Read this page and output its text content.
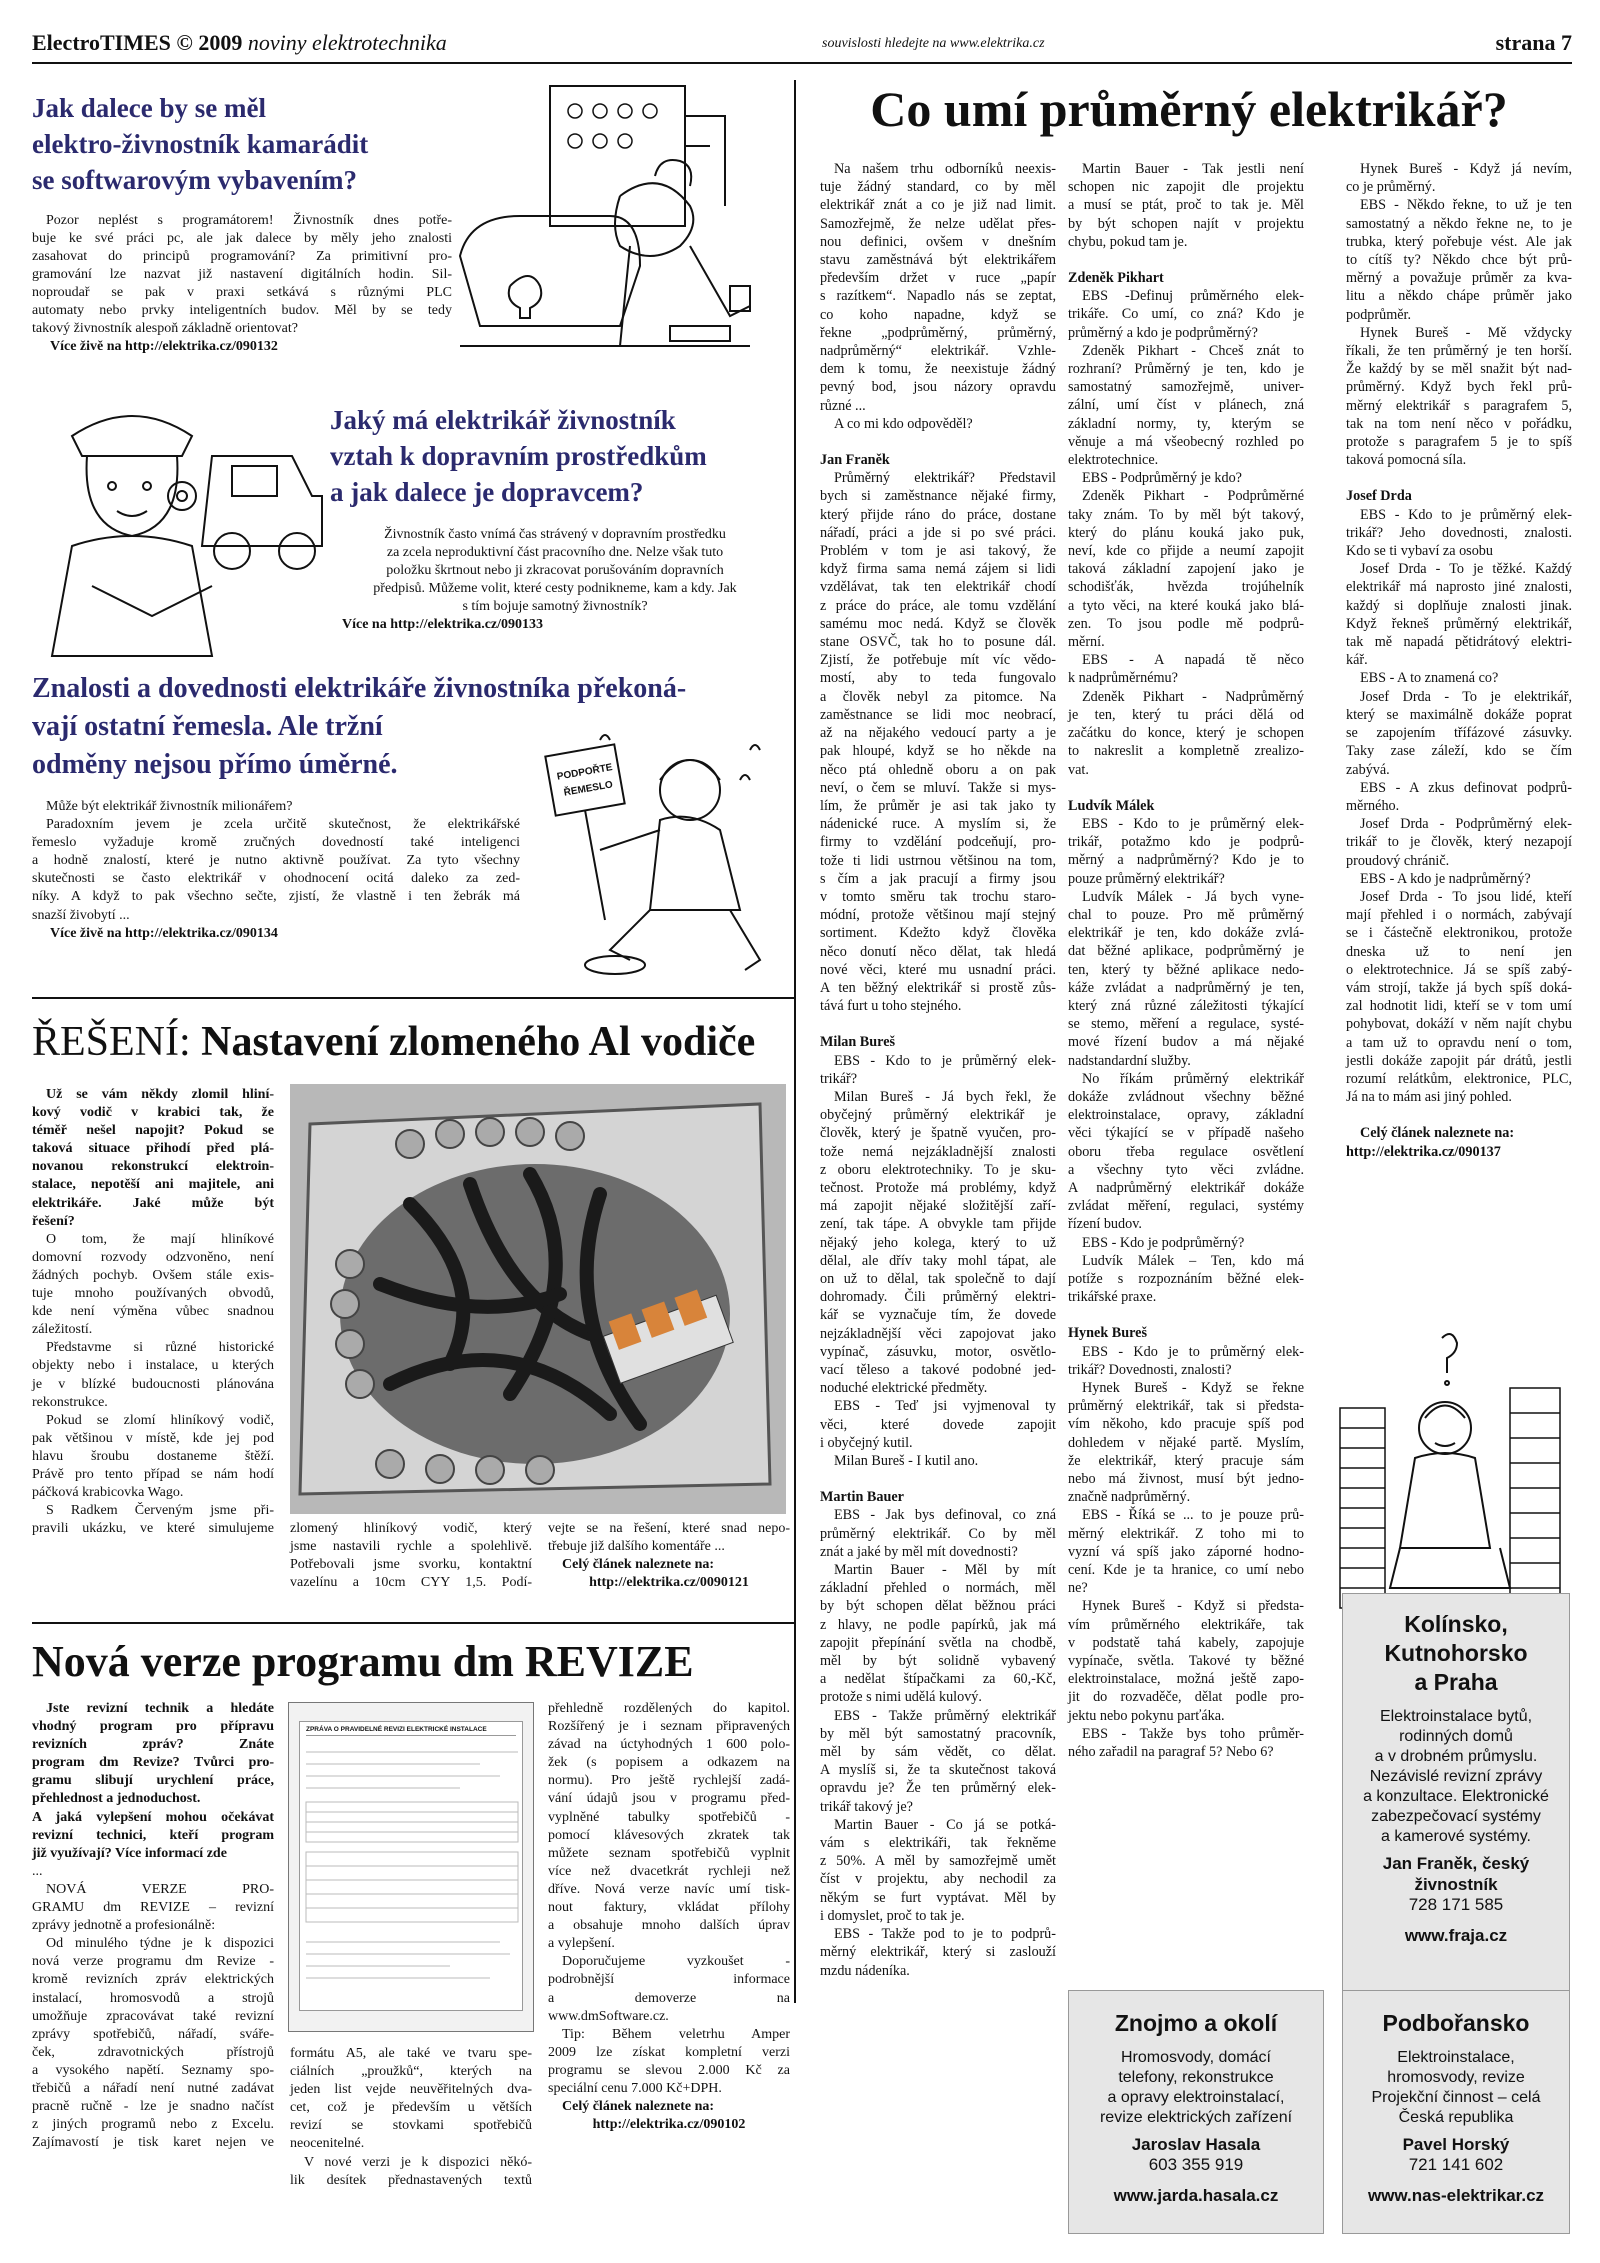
ElectroTIMES © 2009 noviny elektrotechnika	souvislosti hledejte na www.elektrika.cz	strana 7
Jak dalece by se měl
elektro-živnostník kamarádit
se softwarovým vybavením?
Pozor neplést s programátorem! Živnostník dnes potře-
buje ke své práci pc, ale jak dalece by měly jeho znalosti
zasahovat do principů programování? Za primitivní pro-
gramování lze nazvat již nastavení digitálních hodin. Sil-
noproudař se pak v praxi setkává s různými PLC
automaty nebo prvky inteligentních budov. Měl by se tedy
takový živnostník alespoň základně orientovat?
Více živě na http://elektrika.cz/090132
Jaký má elektrikář živnostník
vztah k dopravním prostředkům
a jak dalece je dopravcem?
Živnostník často vnímá čas strávený v dopravním prostředku
za zcela neproduktivní část pracovního dne. Nelze však tuto
položku škrtnout nebo ji zkracovat porušováním dopravních
předpisů. Můžeme volit, které cesty podnikneme, kam a kdy. Jak
s tím bojuje samotný živnostník?
Více na http://elektrika.cz/090133
Znalosti a dovednosti elektrikáře živnostníka překoná-
vají ostatní řemesla. Ale tržní
odměny nejsou přímo úměrné.
Může být elektrikář živnostník milionářem?
Paradoxním jevem je zcela určitě skutečnost, že elektrikářské
řemeslo vyžaduje kromě zručných dovedností také inteligenci
a hodně znalostí, které je nutno aktivně používat. Za tyto všechny
skutečnosti se často elektrikář v ohodnocení ocitá daleko za zed-
níky. A když to pak všechno sečte, zjistí, že vlastně i ten žebrák má
snazší živobytí ...
Více živě na http://elektrika.cz/090134
PODPOŘTE
ŘEMESLO
ŘEŠENÍ: Nastavení zlomeného Al vodiče
Už se vám někdy zlomil hliní-
kový vodič v krabici tak, že
téměř nešel napojit? Pokud se
taková situace přihodí před plá-
novanou rekonstrukcí elektroin-
stalace, nepotěší ani majitele, ani
elektrikáře. Jaké může být
řešení?
O tom, že mají hliníkové
domovní rozvody odzvoněno, není
žádných pochyb. Ovšem stále exis-
tuje mnoho používaných obvodů,
kde není výměna vůbec snadnou
záležitostí.
Představme si různé historické
objekty nebo i instalace, u kterých
je v blízké budoucnosti plánována
rekonstrukce.
Pokud se zlomí hliníkový vodič,
pak většinou v místě, kde jej pod
hlavu šroubu dostaneme štěží.
Právě pro tento případ se nám hodí
páčková krabicovka Wago.
S Radkem Červeným jsme při-
pravili ukázku, ve které simulujeme zlomený hliníkový vodič, který
jsme nastavili rychle a spolehlivě.
Potřebovali jsme svorku, kontaktní
vazelínu a 10cm CYY 1,5. Podí-
vejte se na řešení, které snad nepo-
třebuje již dalšího komentáře ...
Celý článek naleznete na:
http://elektrika.cz/0090121
Nová verze programu dm REVIZE
Jste revizní technik a hledáte
vhodný program pro přípravu
revizních zpráv? Znáte
program dm Revize? Tvůrci pro-
gramu slibují urychlení práce,
přehlednost a jednoduchost.
A jaká vylepšení mohou očekávat
revizní technici, kteří program
již využívají? Více informací zde
...
NOVÁ VERZE PRO-
GRAMU dm REVIZE – revizní
zprávy jednotně a profesionálně:
Od minulého týdne je k dispozici
nová verze programu dm Revize -
kromě revizních zpráv elektrických
instalací, hromosvodů a strojů
umožňuje zpracovávat také revizní
zprávy spotřebičů, nářadí, sváře-
ček, zdravotnických přístrojů
a vysokého napětí. Seznamy spo-
třebičů a nářadí není nutné zadávat
pracně ručně - lze je snadno načíst
z jiných programů nebo z Excelu.
Zajímavostí je tisk karet nejen ve
ZPRÁVA O PRAVIDELNÉ REVIZI ELEKTRICKÉ INSTALACE
formátu A5, ale také ve tvaru spe-
ciálních „proužků“, kterých na
jeden list vejde neuvěřitelných dva-
cet, což je především u větších
revizí se stovkami spotřebičů
neocenitelné.
V nové verzi je k dispozici někó-
lik desítek přednastavených textů
přehledně rozdělených do kapitol.
Rozšířený je i seznam připravených
závad na úctyhodných 1 600 polo-
žek (s popisem a odkazem na
normu). Pro ještě rychlejší zadá-
vání údajů jsou v programu před-
vyplněné tabulky spotřebičů -
pomocí klávesových zkratek tak
můžete seznam spotřebičů vyplnit
více než dvacetkrát rychleji než
dříve. Nová verze navíc umí tisk-
nout faktury, vkládat přílohy
a obsahuje mnoho dalších úprav
a vylepšení.
Doporučujeme vyzkoušet -
podrobnější informace
a demoverze na
www.dmSoftware.cz.
Tip: Během veletrhu Amper
2009 lze získat kompletní verzi
programu se slevou 2.000 Kč za
speciální cenu 7.000 Kč+DPH.
Celý článek naleznete na:
http://elektrika.cz/090102
Co umí průměrný elektrikář?
Na našem trhu odborníků neexis-
tuje žádný standard, co by měl
elektrikář znát a co je již nad limit.
Samozřejmě, že nelze udělat přes-
nou definici, ovšem v dnešním
stavu zaměstnává být elektrikářem
především držet v ruce „papír
s razítkem“. Napadlo nás se zeptat,
co koho napadne, když se
řekne „podprůměrný, průměrný,
nadprůměrný“ elektrikář. Vzhle-
dem k tomu, že neexistuje žádný
pevný bod, jsou názory opravdu
různé ...
A co mi kdo odpověděl?
Jan Franěk
Průměrný elektrikář? Představil
bych si zaměstnance nějaké firmy,
který přijde ráno do práce, dostane
nářadí, práci a jde si po své práci.
Problém v tom je asi takový, že
když firma sama nemá zájem si lidi
vzdělávat, tak ten elektrikář chodí
z práce do práce, ale tomu vzdělání
samému moc nedá. Když se člověk
stane OSVČ, tak ho to posune dál.
Zjistí, že potřebuje mít víc vědo-
mostí, aby to teda fungovalo
a člověk nebyl za pitomce. Na
zaměstnance se lidi moc neobrací,
až na nějakého vedoucí party a je
pak hloupé, když se ho někde na
něco ptá ohledně oboru a on pak
neví, o čem se mluví. Takže si mys-
lím, že průměr je asi tak jako ty
nádenické ruce. A myslím si, že
firmy to vzdělání podceňují, pro-
tože ti lidi ustrnou většinou na tom,
s čím a jak pracují a firmy jsou
v tomto směru tak trochu staro-
módní, protože většinou mají stejný
sortiment. Kdežto když člověka
něco donutí něco dělat, tak hledá
nové věci, které mu usnadní práci.
A ten běžný elektrikář si prostě zůs-
tává furt u toho stejného.
Milan Bureš
EBS - Kdo to je průměrný elek-
trikář?
Milan Bureš - Já bych řekl, že
obyčejný průměrný elektrikář je
člověk, který je špatně vyučen, pro-
tože nemá nejzákladnější znalosti
z oboru elektrotechniky. To je sku-
tečnost. Protože má problémy, když
má zapojit nějaké složitější zaří-
zení, tak tápe. A obvykle tam přijde
nějaký jeho kolega, který to už
dělal, ale dřív taky mohl tápat, ale
on už to dělal, tak společně to dají
dohromady. Čili průměrný elektri-
kář se vyznačuje tím, že dovede
nejzákladnější věci zapojovat jako
vypínač, zásuvku, motor, osvětlo-
vací těleso a takové podobné jed-
noduché elektrické předměty.
EBS - Teď jsi vyjmenoval ty
věci, které dovede zapojit
i obyčejný kutil.
Milan Bureš - I kutil ano.
Martin Bauer
EBS - Jak bys definoval, co zná
průměrný elektrikář. Co by měl
znát a jaké by měl mít dovednosti?
Martin Bauer - Měl by mít
základní přehled o normách, měl
by být schopen dělat běžnou práci
z hlavy, ne podle papírků, jak má
zapojit přepínání světla na chodbě,
měl by být solidně vybavený
a nedělat štípačkami za 60,-Kč,
protože s nimi udělá kulový.
EBS - Takže průměrný elektrikář
by měl být samostatný pracovník,
měl by sám vědět, co dělat.
A myslíš si, že ta skutečnost taková
opravdu je? Že ten průměrný elek-
trikář takový je?
Martin Bauer - Co já se potká-
vám s elektrikáři, tak řekněme
z 50%. A měl by samozřejmě umět
číst v projektu, aby nechodil za
někým se furt vyptávat. Měl by
i domyslet, proč to tak je.
EBS - Takže pod to je to podprů-
měrný elektrikář, který si zaslouží
mzdu nádeníka.
Martin Bauer - Tak jestli není
schopen nic zapojit dle projektu
a musí se ptát, proč to tak je. Měl
by být schopen najít v projektu
chybu, pokud tam je.
Zdeněk Pikhart
EBS -Definuj průměrného elek-
trikáře. Co umí, co zná? Kdo je
průměrný a kdo je podprůměrný?
Zdeněk Pikhart - Chceš znát to
rozhraní? Průměrný je ten, kdo je
samostatný samozřejmě, univer-
zální, umí číst v plánech, zná
základní normy, ty, kterým se
věnuje a má všeobecný rozhled po
elektrotechnice.
EBS - Podprůměrný je kdo?
Zdeněk Pikhart - Podprůměrné
taky znám. To by měl být takový,
který do plánu kouká jako puk,
neví, kde co přijde a neumí zapojit
taková základní zapojení jako je
schodišťák, hvězda trojúhelník
a tyto věci, na které kouká jako blá-
zen. To jsou podle mě podprů-
měrní.
EBS - A napadá tě něco
k nadprůměrnému?
Zdeněk Pikhart - Nadprůměrný
je ten, který tu práci dělá od
začátku do konce, který je schopen
to nakreslit a kompletně zrealizo-
vat.
Ludvík Málek
EBS - Kdo to je průměrný elek-
trikář, potažmo kdo je podprů-
měrný a nadprůměrný? Kdo je to
pouze průměrný elektrikář?
Ludvík Málek - Já bych vyne-
chal to pouze. Pro mě průměrný
elektrikář je ten, kdo dokáže zvlá-
dat běžné aplikace, podprůměrný je
ten, který ty běžné aplikace nedo-
káže zvládat a nadprůměrný je ten,
který zná různé záležitosti týkající
se stemo, měření a regulace, systé-
mové řízení budov a má nějaké
nadstandardní služby.
No říkám průměrný elektrikář
dokáže zvládnout všechny běžné
elektroinstalace, opravy, základní
věci týkající se v případě našeho
oboru třeba regulace osvětlení
a všechny tyto věci zvládne.
A nadprůměrný elektrikář dokáže
zvládat měření, regulaci, systémy
řízení budov.
EBS - Kdo je podprůměrný?
Ludvík Málek – Ten, kdo má
potíže s rozpoznáním běžné elek-
trikářské praxe.
Hynek Bureš
EBS - Kdo je to průměrný elek-
trikář? Dovednosti, znalosti?
Hynek Bureš - Když se řekne
průměrný elektrikář, tak si předsta-
vím někoho, kdo pracuje spíš pod
dohledem v nějaké partě. Myslím,
že elektrikář, který pracuje sám
nebo má živnost, musí být jedno-
značně nadprůměrný.
EBS - Říká se ... to je pouze prů-
měrný elektrikář. Z toho mi to
vyzní vá spíš jako záporné hodno-
cení. Kde je ta hranice, co umí nebo
ne?
Hynek Bureš - Když si předsta-
vím průměrného elektrikáře, tak
v podstatě tahá kabely, zapojuje
vypínače, světla. Takové ty běžné
elektroinstalace, možná ještě zapo-
jit do rozvaděče, dělat podle pro-
jektu nebo pokynu parťáka.
EBS - Takže bys toho průměr-
ného zařadil na paragraf 5? Nebo 6?
Hynek Bureš - Když já nevím,
co je průměrný.
EBS - Někdo řekne, to už je ten
samostatný a někdo řekne ne, to je
trubka, který pořebuje vést. Ale jak
to cítíš ty? Někdo chce být prů-
měrný a považuje průměr za kva-
litu a někdo chápe průměr jako
podprůměr.
Hynek Bureš - Mě vždycky
říkali, že ten průměrný je ten horší.
Že každý by se měl snažit být nad-
průměrný. Když bych řekl prů-
měrný elektrikář s paragrafem 5,
tak na tom není něco v pořádku,
protože s paragrafem 5 je to spíš
taková pomocná síla.
Josef Drda
EBS - Kdo to je průměrný elek-
trikář? Jeho dovednosti, znalosti.
Kdo se ti vybaví za osobu
Josef Drda - To je těžké. Každý
elektrikář má naprosto jiné znalosti,
každý si doplňuje znalosti jinak.
Když řekneš průměrný elektrikář,
tak mě napadá pětidrátový elektri-
kář.
EBS - A to znamená co?
Josef Drda - To je elektrikář,
který se maximálně dokáže poprat
se zapojením třífázové zásuvky.
Taky zase záleží, kdo se čím
zabývá.
EBS - A zkus definovat podprů-
měrného.
Josef Drda - Podprůměrný elek-
trikář to je člověk, který nezapojí
proudový chránič.
EBS - A kdo je nadprůměrný?
Josef Drda - To jsou lidé, kteří
mají přehled i o normách, zabývají
se i částečně elektronikou, protože
dneska už to není jen
o elektrotechnice. Já se spíš zabý-
vám strojí, takže já bych spíš doká-
zal hodnotit lidi, kteří se v tom umí
pohybovat, dokáží v něm najít chybu
a tam už to opravdu není o tom,
jestli dokáže zapojit pár drátů, jestli
rozumí relátkům, elektronice, PLC,
Já na to mám asi jiný pohled.
Celý článek naleznete na:
http://elektrika.cz/090137
Kolínsko,
Kutnohorsko
a Praha
Elektroinstalace bytů,
rodinných domů
a v drobném průmyslu.
Nezávislé revizní zprávy
a konzultace. Elektronické
zabezpečovací systémy
a kamerové systémy.
Jan Franěk, český
živnostník
728 171 585
www.fraja.cz
Znojmo a okolí
Hromosvody, domácí
telefony, rekonstrukce
a opravy elektroinstalací,
revize elektrických zařízení
Jaroslav Hasala
603 355 919
www.jarda.hasala.cz
Podbořansko
Elektroinstalace,
hromosvody, revize
Projekční činnost – celá
Česká republika
Pavel Horský
721 141 602
www.nas-elektrikar.cz
